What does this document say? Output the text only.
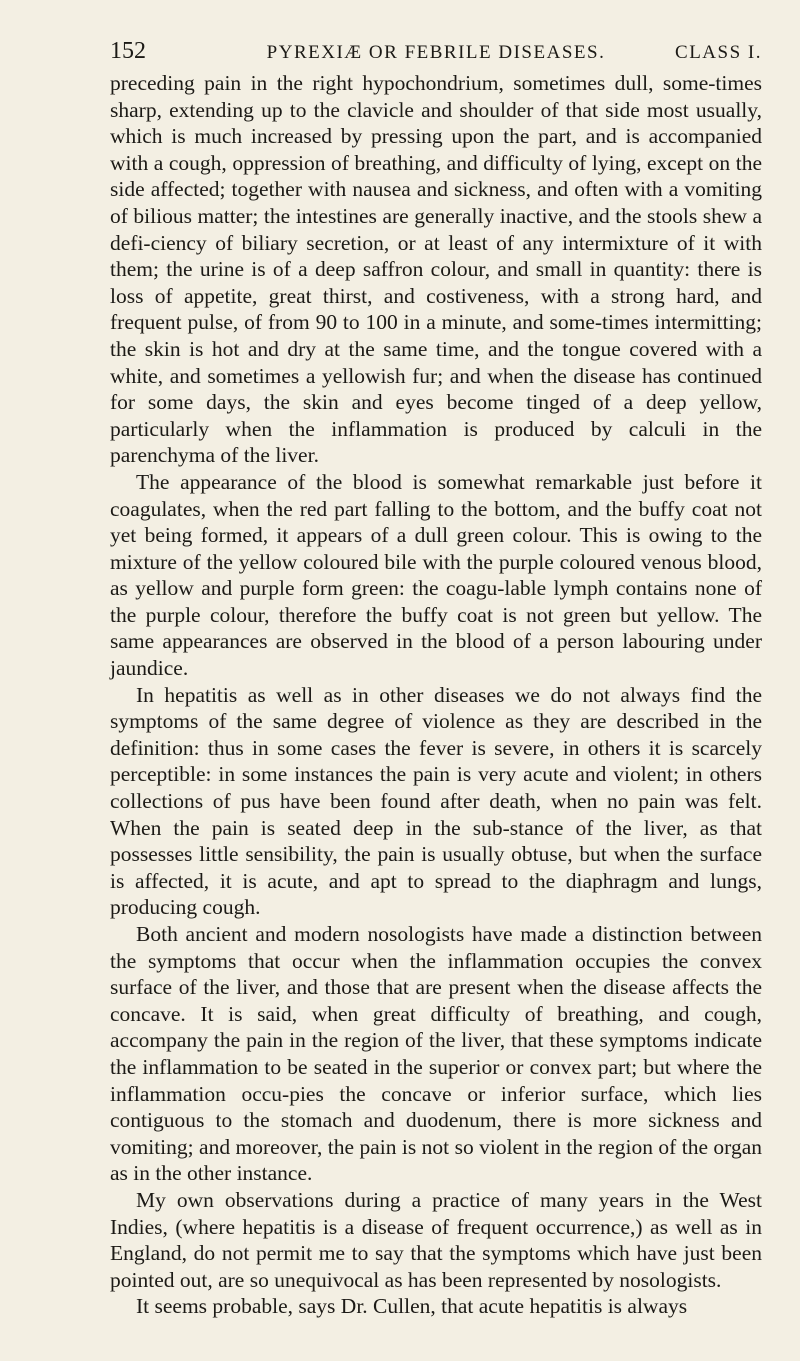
152	PYREXIÆ OR FEBRILE DISEASES.	CLASS I.

preceding pain in the right hypochondrium, sometimes dull, some-times sharp, extending up to the clavicle and shoulder of that side most usually, which is much increased by pressing upon the part, and is accompanied with a cough, oppression of breathing, and difficulty of lying, except on the side affected; together with nausea and sickness, and often with a vomiting of bilious matter; the intestines are generally inactive, and the stools shew a defi-ciency of biliary secretion, or at least of any intermixture of it with them; the urine is of a deep saffron colour, and small in quantity: there is loss of appetite, great thirst, and costiveness, with a strong hard, and frequent pulse, of from 90 to 100 in a minute, and some-times intermitting; the skin is hot and dry at the same time, and the tongue covered with a white, and sometimes a yellowish fur; and when the disease has continued for some days, the skin and eyes become tinged of a deep yellow, particularly when the inflammation is produced by calculi in the parenchyma of the liver.

The appearance of the blood is somewhat remarkable just before it coagulates, when the red part falling to the bottom, and the buffy coat not yet being formed, it appears of a dull green colour. This is owing to the mixture of the yellow coloured bile with the purple coloured venous blood, as yellow and purple form green: the coagu-lable lymph contains none of the purple colour, therefore the buffy coat is not green but yellow. The same appearances are observed in the blood of a person labouring under jaundice.

In hepatitis as well as in other diseases we do not always find the symptoms of the same degree of violence as they are described in the definition: thus in some cases the fever is severe, in others it is scarcely perceptible: in some instances the pain is very acute and violent; in others collections of pus have been found after death, when no pain was felt. When the pain is seated deep in the sub-stance of the liver, as that possesses little sensibility, the pain is usually obtuse, but when the surface is affected, it is acute, and apt to spread to the diaphragm and lungs, producing cough.

Both ancient and modern nosologists have made a distinction between the symptoms that occur when the inflammation occupies the convex surface of the liver, and those that are present when the disease affects the concave. It is said, when great difficulty of breathing, and cough, accompany the pain in the region of the liver, that these symptoms indicate the inflammation to be seated in the superior or convex part; but where the inflammation occu-pies the concave or inferior surface, which lies contiguous to the stomach and duodenum, there is more sickness and vomiting; and moreover, the pain is not so violent in the region of the organ as in the other instance.

My own observations during a practice of many years in the West Indies, (where hepatitis is a disease of frequent occurrence,) as well as in England, do not permit me to say that the symptoms which have just been pointed out, are so unequivocal as has been represented by nosologists.

It seems probable, says Dr. Cullen, that acute hepatitis is always
